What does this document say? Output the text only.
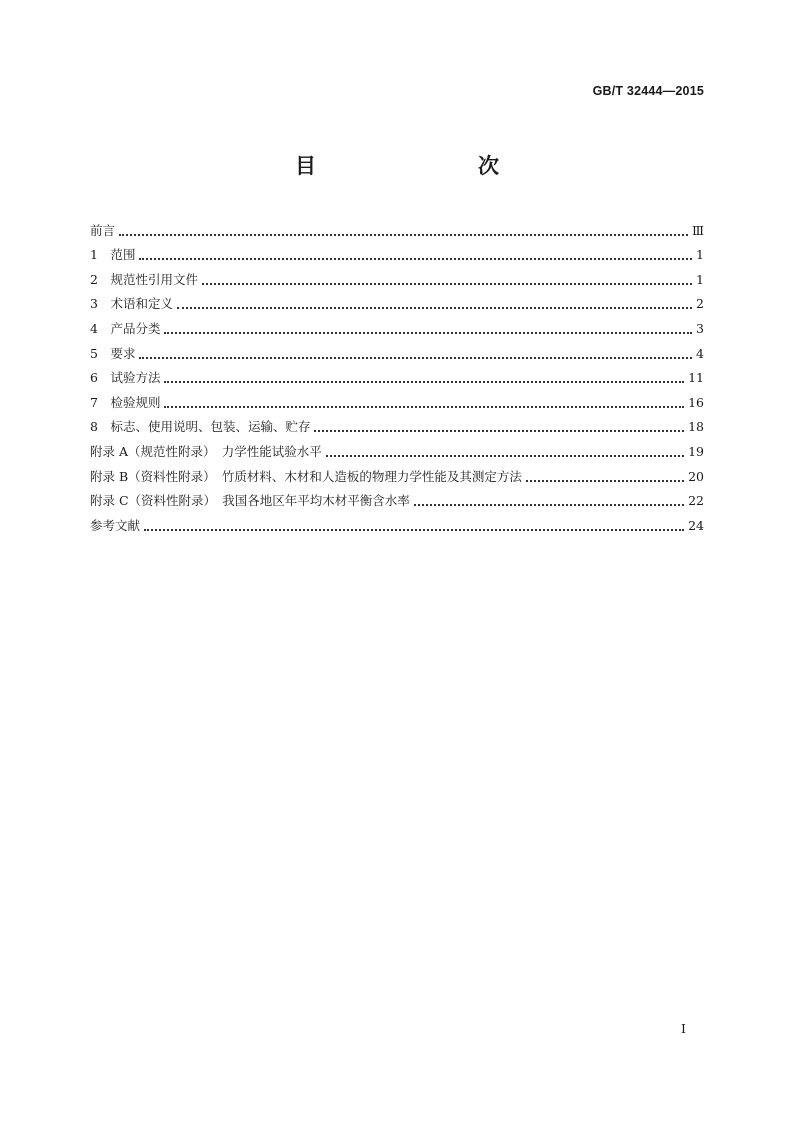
GB/T 32444—2015
目　　次
前言	Ⅲ
1　范围	1
2　规范性引用文件	1
3　术语和定义	2
4　产品分类	3
5　要求	4
6　试验方法	11
7　检验规则	16
8　标志、使用说明、包装、运输、贮存	18
附录 A（规范性附录）　力学性能试验水平	19
附录 B（资料性附录）　竹质材料、木材和人造板的物理力学性能及其测定方法	20
附录 C（资料性附录）　我国各地区年平均木材平衡含水率	22
参考文献	24
I
